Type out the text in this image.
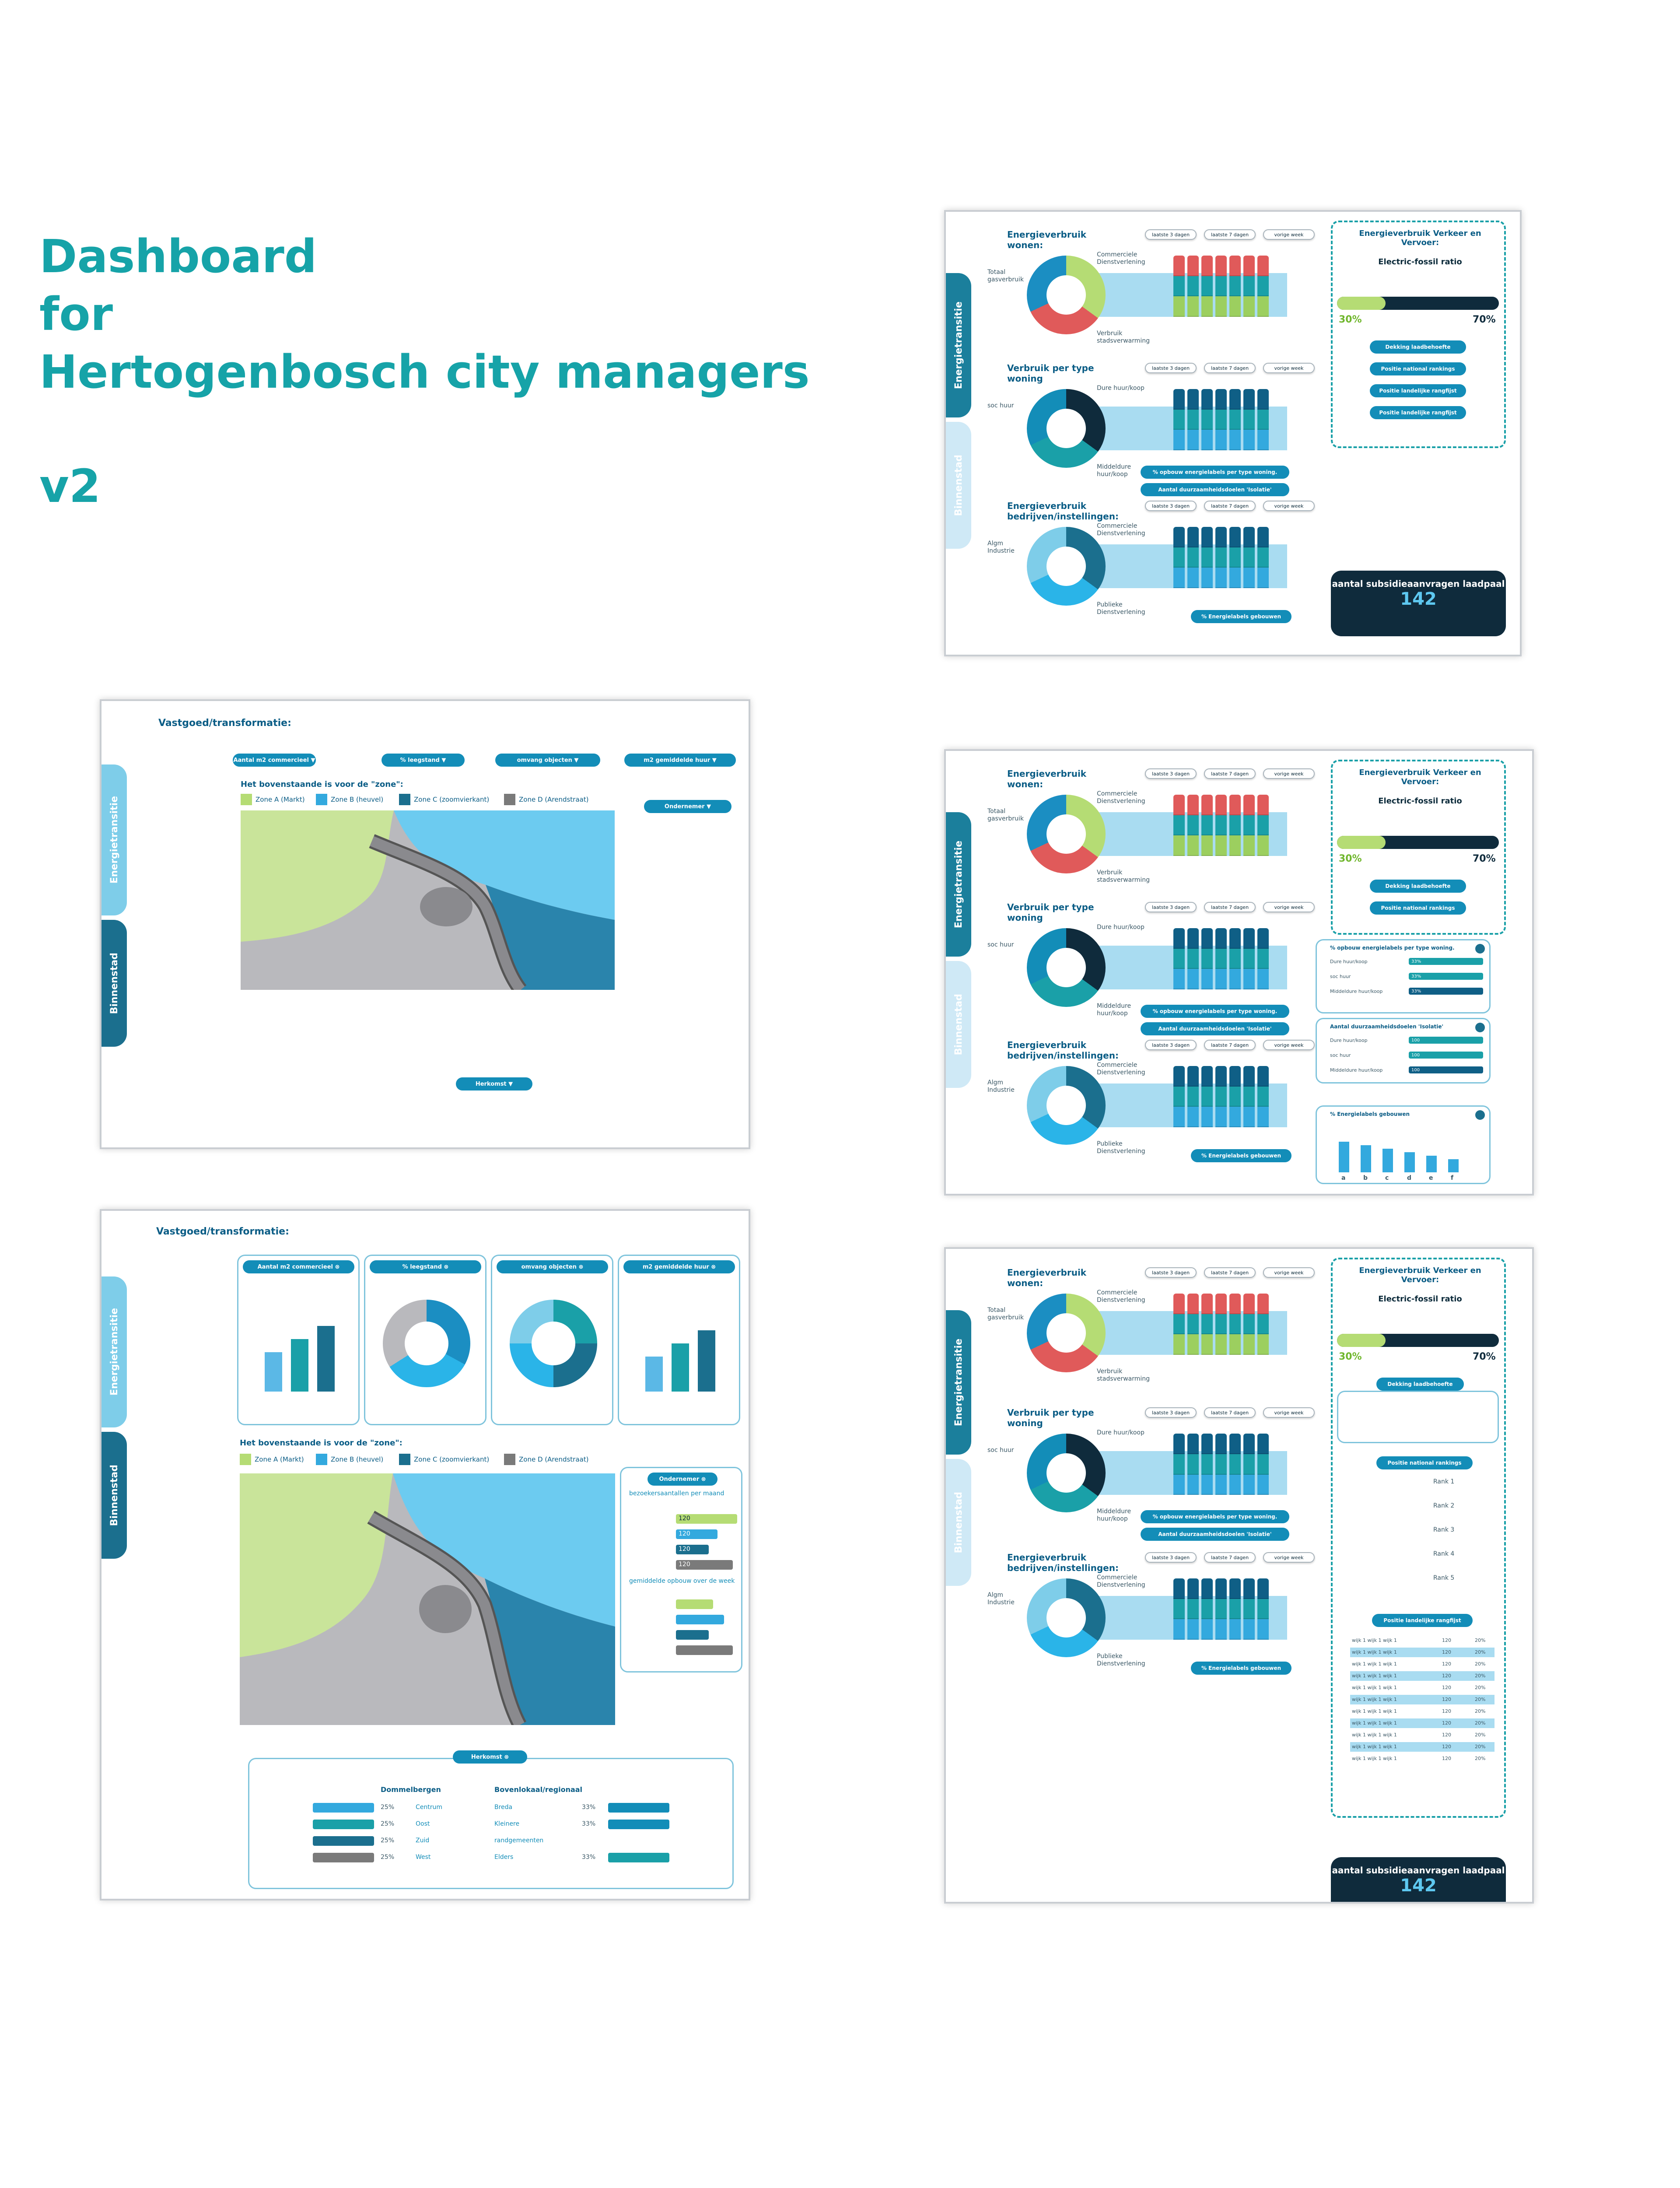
Dashboard
for
Hertogenbosch city managers
v2
Energietransitie
Binnenstad
Energieverbruik wonen:
laatste 3 dagen	laatste 7 dagen	vorige week
Totaal gasverbruik
Verbruik stadsverwarming
Commerciele Dienstverlening
Verbruik per type woning
laatste 3 dagen	laatste 7 dagen	vorige week
soc huur
Middeldure huur/koop
Dure huur/koop
% opbouw energielabels per type woning.
Aantal duurzaamheidsdoelen 'Isolatie'
Energieverbruik bedrijven/instellingen:
laatste 3 dagen	laatste 7 dagen	vorige week
Algm Industrie
Publieke Dienstverlening
Commerciele Dienstverlening
% Energielabels gebouwen
Energieverbruik Verkeer en Vervoer:
Electric-fossil ratio
30%	70%
Dekking laadbehoefte
Positie national rankings
Positie landelijke rangfijst
Positie landelijke rangfijst
aantal subsidieaanvragen laadpaal
142
Energietransitie
Binnenstad
Energieverbruik wonen:
laatste 3 dagen	laatste 7 dagen	vorige week
Totaal gasverbruik
Verbruik stadsverwarming
Commerciele Dienstverlening
Verbruik per type woning
laatste 3 dagen	laatste 7 dagen	vorige week
soc huur
Middeldure huur/koop
Dure huur/koop
% opbouw energielabels per type woning.
Aantal duurzaamheidsdoelen 'Isolatie'
Energieverbruik bedrijven/instellingen:
laatste 3 dagen	laatste 7 dagen	vorige week
Algm Industrie
Publieke Dienstverlening
Commerciele Dienstverlening
% Energielabels gebouwen
Energieverbruik Verkeer en Vervoer:
Electric-fossil ratio
30%	70%
Dekking laadbehoefte
Positie national rankings
% opbouw energielabels per type woning.
Dure huur/koop	33%
soc huur	33%
Middeldure huur/koop	33%
Aantal duurzaamheidsdoelen 'Isolatie'
Dure huur/koop	100
soc huur	100
Middeldure huur/koop	100
% Energielabels gebouwen
a	b	c	d	e	f
Energietransitie
Binnenstad
Energieverbruik wonen:
laatste 3 dagen	laatste 7 dagen	vorige week
Totaal gasverbruik
Verbruik stadsverwarming
Commerciele Dienstverlening
Verbruik per type woning
laatste 3 dagen	laatste 7 dagen	vorige week
soc huur
Middeldure huur/koop
Dure huur/koop
% opbouw energielabels per type woning.
Aantal duurzaamheidsdoelen 'Isolatie'
Energieverbruik bedrijven/instellingen:
laatste 3 dagen	laatste 7 dagen	vorige week
Algm Industrie
Publieke Dienstverlening
Commerciele Dienstverlening
% Energielabels gebouwen
Energieverbruik Verkeer en Vervoer:
Electric-fossil ratio
30%	70%
Dekking laadbehoefte
Positie national rankings
Rank 1
Rank 2
Rank 3
Rank 4
Rank 5
Positie landelijke rangfijst
wijk 1 wijk 1 wijk 1	120	20%
wijk 1 wijk 1 wijk 1	120	20%
wijk 1 wijk 1 wijk 1	120	20%
wijk 1 wijk 1 wijk 1	120	20%
wijk 1 wijk 1 wijk 1	120	20%
wijk 1 wijk 1 wijk 1	120	20%
wijk 1 wijk 1 wijk 1	120	20%
wijk 1 wijk 1 wijk 1	120	20%
wijk 1 wijk 1 wijk 1	120	20%
wijk 1 wijk 1 wijk 1	120	20%
wijk 1 wijk 1 wijk 1	120	20%
aantal subsidieaanvragen laadpaal
142
Vastgoed/transformatie:
Aantal m2 commercieel ▼	% leegstand ▼	omvang objecten ▼	m2 gemiddelde huur ▼
Energietransitie
Binnenstad
Het bovenstaande is voor de "zone":
Zone A (Markt)	Zone B (heuvel)	Zone C (zoomvierkant)	Zone D (Arendstraat)
Ondernemer ▼
Herkomst ▼
Vastgoed/transformatie:
Energietransitie
Binnenstad
Aantal m2 commercieel ⊗	% leegstand ⊗	omvang objecten ⊗	m2 gemiddelde huur ⊗
Het bovenstaande is voor de "zone":
Zone A (Markt)	Zone B (heuvel)	Zone C (zoomvierkant)	Zone D (Arendstraat)
Ondernemer ⊗
bezoekersaantallen per maand
120
120
120
120
gemiddelde opbouw over de week
Herkomst ⊗
Dommelbergen	Bovenlokaal/regionaal
25%	Centrum	Breda	33%
25%	Oost	Kleinere	33%
25%	Zuid	randgemeenten
25%	West	Elders	33%
